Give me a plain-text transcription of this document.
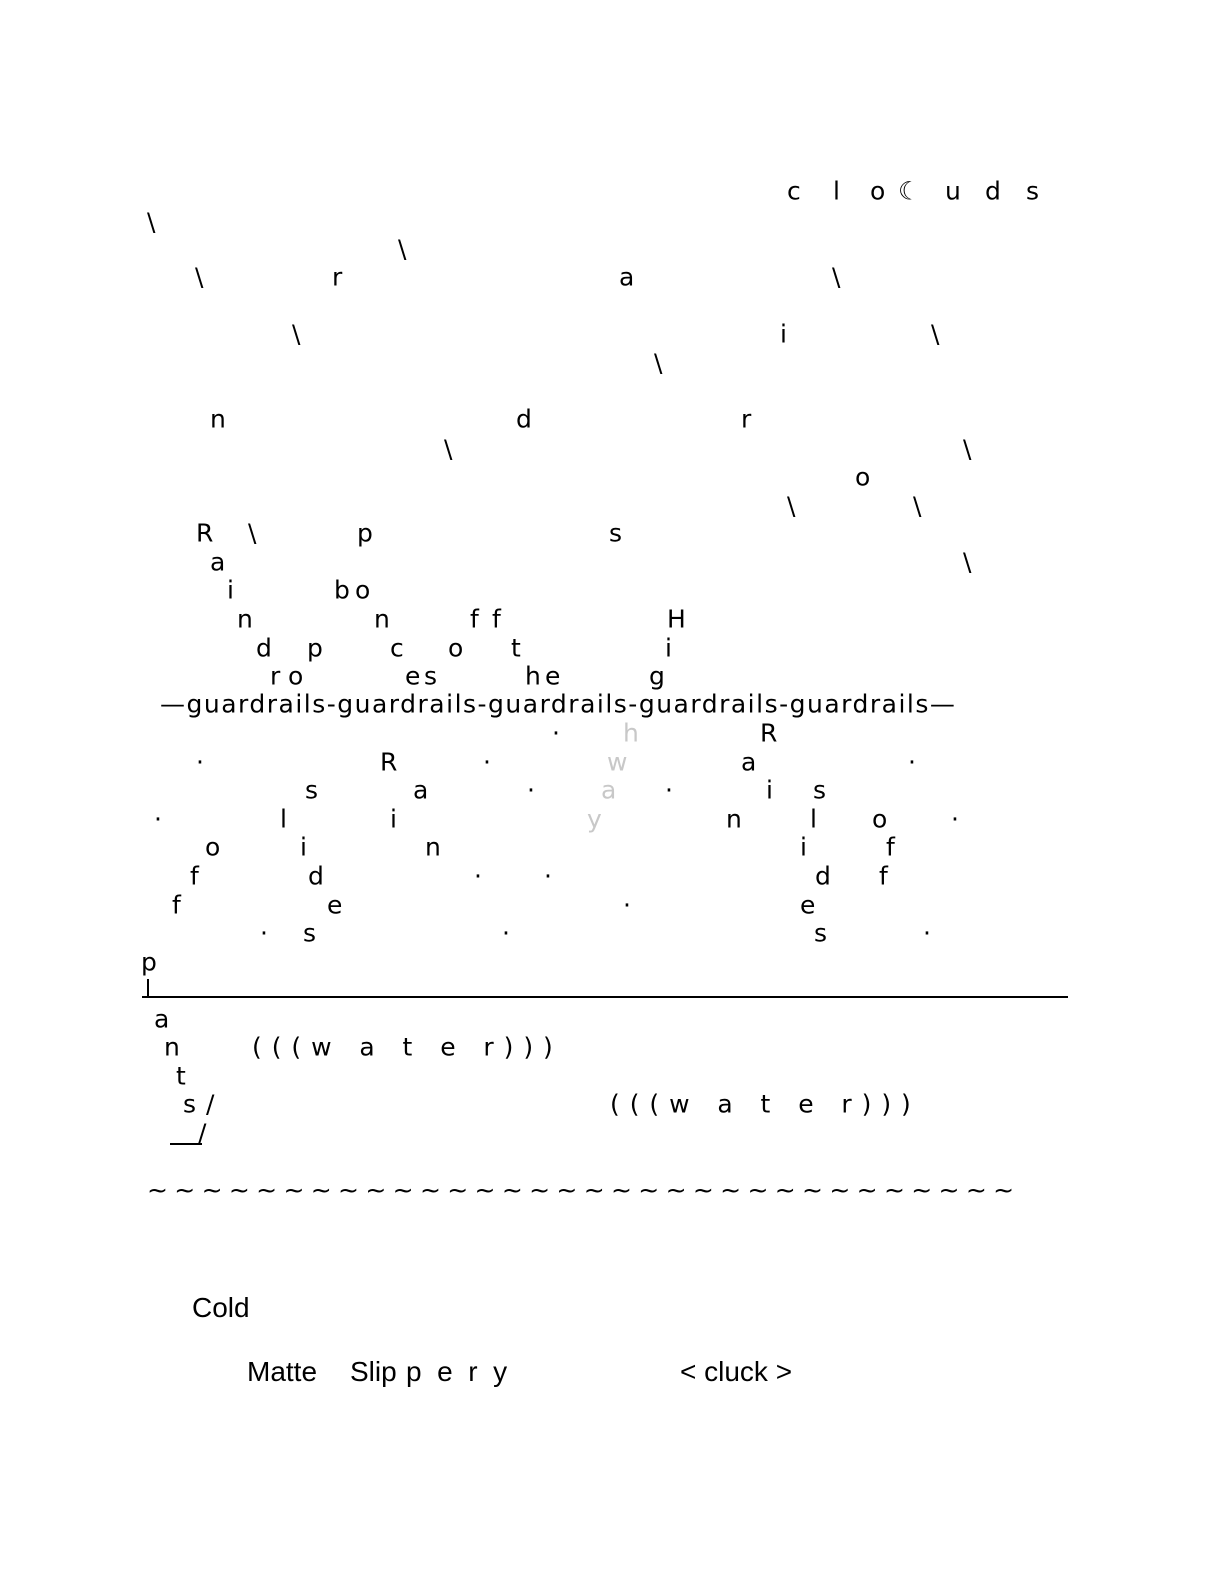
c l o ☾ u d s
\
\
\	\
\	\
\
\	\
\	\
\
\
r	a
i
n	d	r
o
p	s
R
a
i
n
d
r o
p
s
b o
n
c
e
o
f f
t
h e
H
i
g
—guardrails-guardrails-guardrails-guardrails-guardrails—
h
w
a
y
R
a
i
n
s
l
i
d
e
s
o
f
f
R
a
i
n
s
l
i
d
e
s
o
f
f
·
·	·	·
·	·
·	·
· ·
·
·	·	·
p
a
n
t
s /
/
( ( ( w   a   t   e   r ) ) )
( ( ( w   a   t   e   r ) ) )
~ ~ ~ ~ ~ ~ ~ ~ ~ ~ ~ ~ ~ ~ ~ ~ ~ ~ ~ ~ ~ ~ ~ ~ ~ ~ ~ ~ ~ ~ ~ ~
Cold
Matte Slip p  e  r  y	< cluck >
